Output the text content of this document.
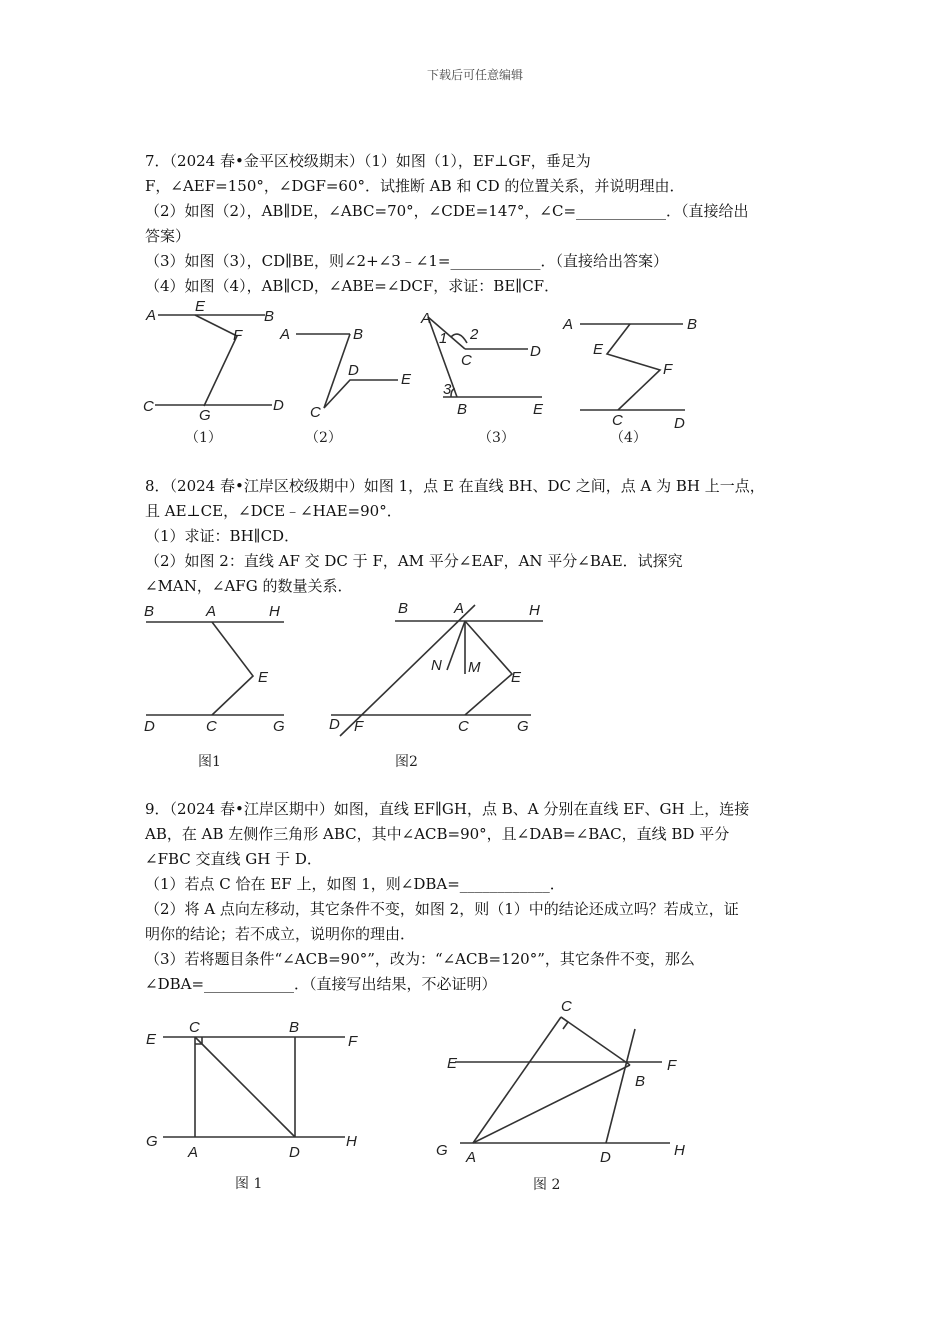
下载后可任意编辑

7．（2024 春•金平区校级期末）（1）如图（1），EF⊥GF，垂足为

F，∠AEF=150°，∠DGF=60°．试推断 AB 和 CD 的位置关系，并说明理由．

（2）如图（2），AB∥DE，∠ABC=70°，∠CDE=147°，∠C=____________．（直接给出

答案）

（3）如图（3），CD∥BE，则∠2+∠3﹣∠1=____________．（直接给出答案）

（4）如图（4），AB∥CD，∠ABE=∠DCF，求证：BE∥CF．

A
E
B
F
C
G
D
（1）
A	B
D
E
C
（2）
A
1 2
C
D
3
B	E
（3）
A	B
E
F
C	D
（4）

8．（2024 春•江岸区校级期中）如图 1，点 E 在直线 BH、DC 之间，点 A 为 BH 上一点，

且 AE⊥CE，∠DCE﹣∠HAE=90°．

（1）求证：BH∥CD．

（2）如图 2：直线 AF 交 DC 于 F，AM 平分∠EAF，AN 平分∠BAE．试探究

∠MAN，∠AFG 的数量关系．

B	A	H
E
D	C	G
图1
B	A	H
N M
E
D F	C	G
图2

9．（2024 春•江岸区期中）如图，直线 EF∥GH，点 B、A 分别在直线 EF、GH 上，连接

AB，在 AB 左侧作三角形 ABC，其中∠ACB=90°，且∠DAB=∠BAC，直线 BD 平分

∠FBC 交直线 GH 于 D．

（1）若点 C 恰在 EF 上，如图 1，则∠DBA=____________．

（2）将 A 点向左移动，其它条件不变，如图 2，则（1）中的结论还成立吗？若成立，证

明你的结论；若不成立，说明你的理由．

（3）若将题目条件“∠ACB=90°”，改为：“∠ACB=120°”，其它条件不变，那么

∠DBA=____________．（直接写出结果，不必证明）

E
C	B
F
G
A	D
H
图 1
C
E	F
B
G A	D	H
图 2
